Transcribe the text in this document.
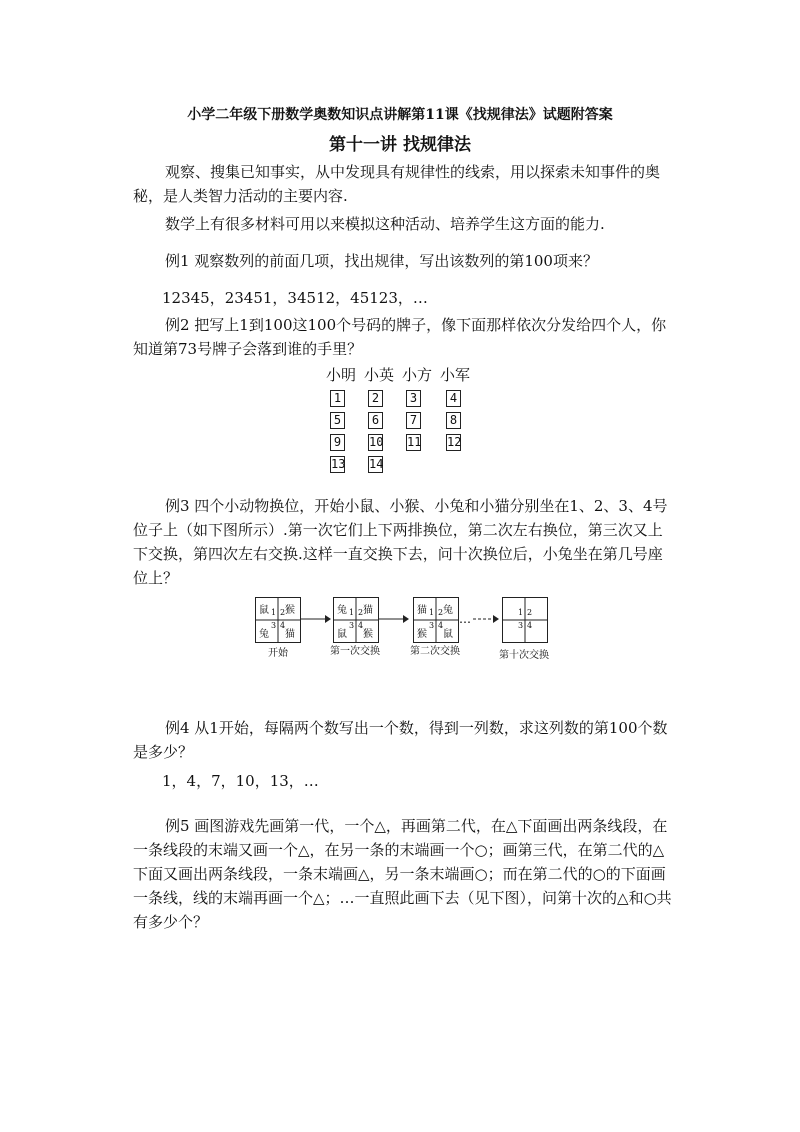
小学二年级下册数学奥数知识点讲解第11课《找规律法》试题附答案
第十一讲 找规律法
观察、搜集已知事实，从中发现具有规律性的线索，用以探索未知事件的奥秘，是人类智力活动的主要内容.
数学上有很多材料可用以来模拟这种活动、培养学生这方面的能力.
例1 观察数列的前面几项，找出规律，写出该数列的第100项来？
12345，23451，34512，45123，…
例2 把写上1到100这100个号码的牌子，像下面那样依次分发给四个人，你知道第73号牌子会落到谁的手里？
小明 小英 小方 小军
1	2	3	4
5	6	7	8
9	10 11 12
13 14
例3 四个小动物换位，开始小鼠、小猴、小兔和小猫分别坐在1、2、3、4号位子上（如下图所示）.第一次它们上下两排换位，第二次左右换位，第三次又上下交换，第四次左右交换.这样一直交换下去，问十次换位后，小兔坐在第几号座位上？
鼠 猴
兔 猫
1 2
3 4
开始
兔 猫
鼠 猴
1 2
3 4
第一次交换
猫 兔
猴 鼠
1 2
3 4
第二次交换
…	1 2
3 4
第十次交换
例4 从1开始，每隔两个数写出一个数，得到一列数，求这列数的第100个数是多少？
1，4，7，10，13，…
例5 画图游戏先画第一代，一个△，再画第二代，在△下面画出两条线段，在一条线段的末端又画一个△，在另一条的末端画一个○；画第三代，在第二代的△下面又画出两条线段，一条末端画△，另一条末端画○；而在第二代的○的下面画一条线，线的末端再画一个△；…一直照此画下去（见下图），问第十次的△和○共有多少个？
